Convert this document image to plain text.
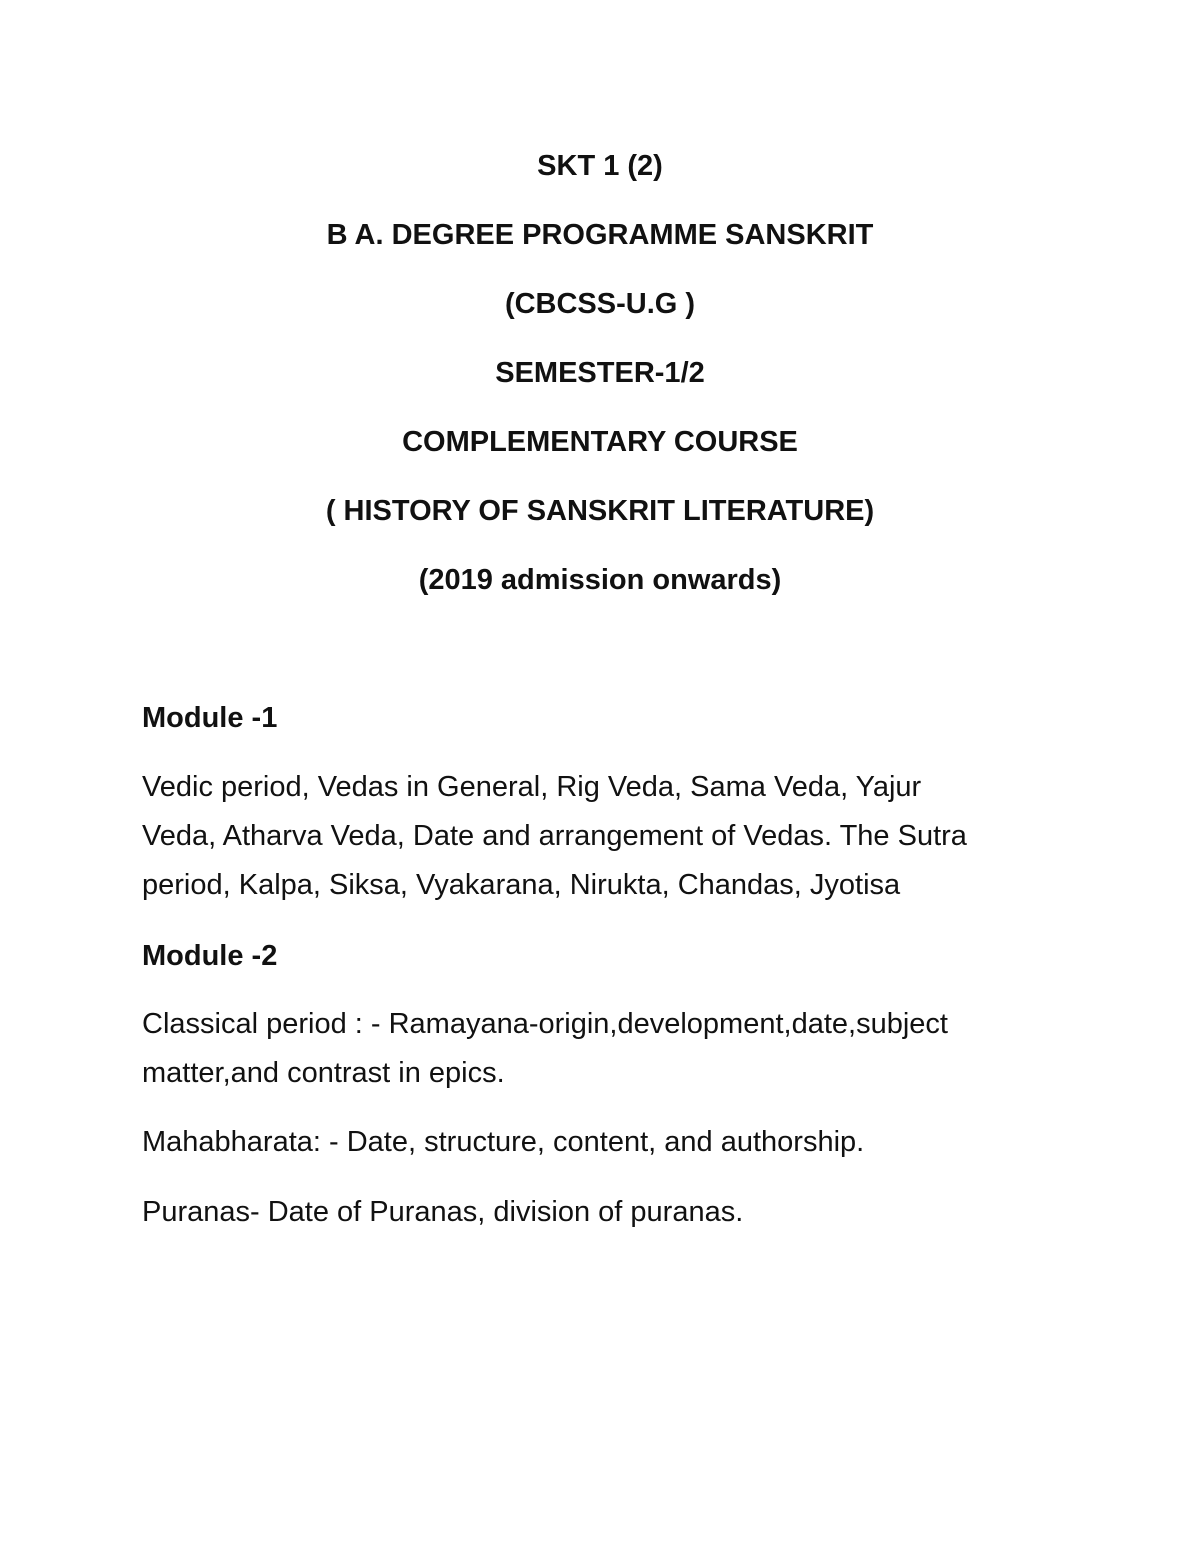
SKT 1 (2)
B A. DEGREE PROGRAMME SANSKRIT
(CBCSS-U.G )
SEMESTER-1/2
COMPLEMENTARY COURSE
( HISTORY OF SANSKRIT LITERATURE)
(2019 admission onwards)
Module -1
Vedic period, Vedas in General, Rig Veda, Sama Veda, Yajur
Veda, Atharva Veda, Date and arrangement of Vedas. The Sutra
period, Kalpa, Siksa, Vyakarana, Nirukta, Chandas, Jyotisa
Module -2
Classical period : - Ramayana-origin,development,date,subject
matter,and contrast in epics.
Mahabharata: - Date, structure, content, and authorship.
Puranas- Date of Puranas, division of puranas.
